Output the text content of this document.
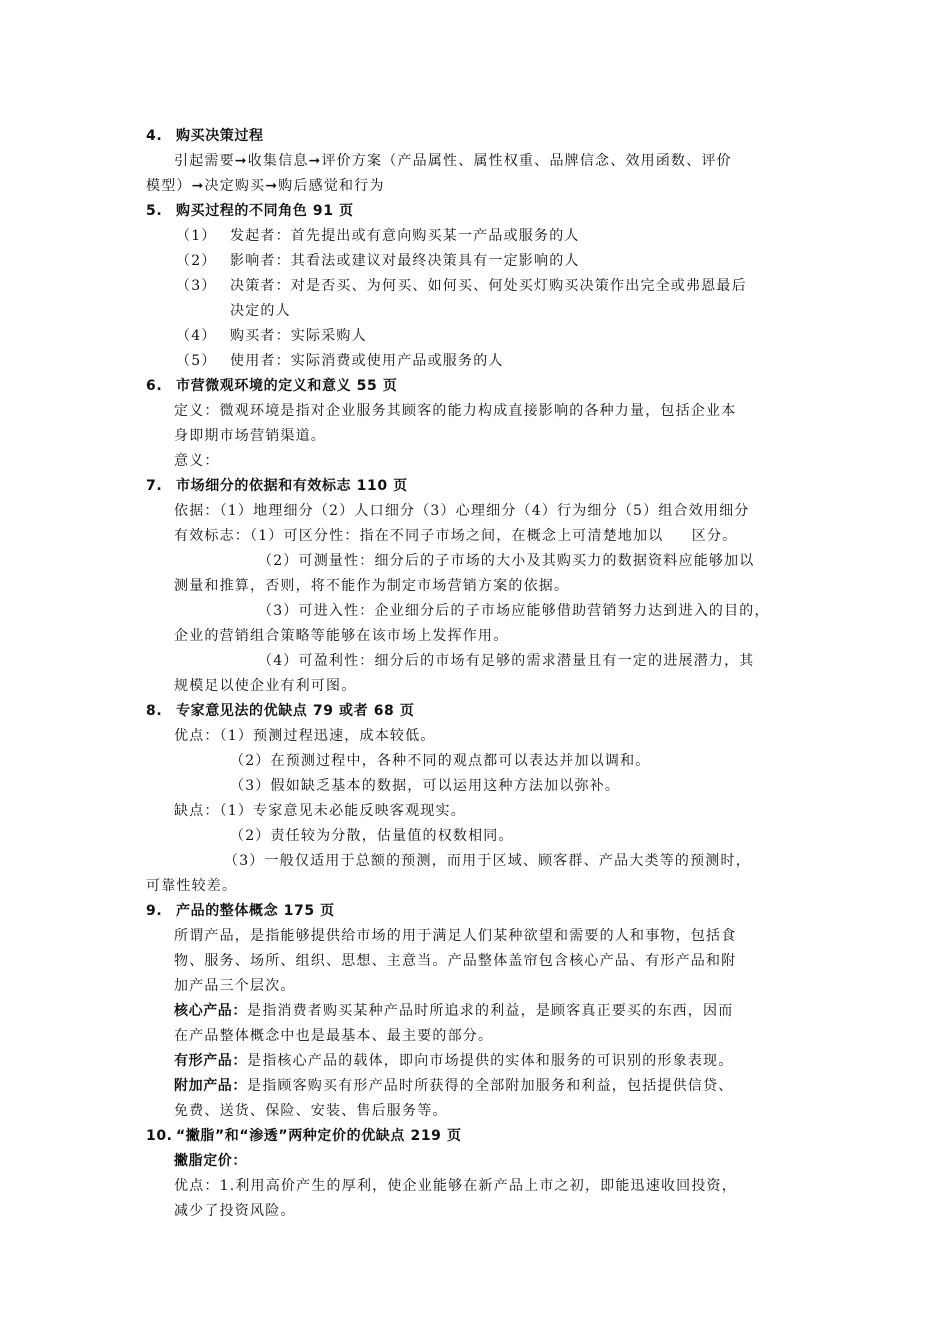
4. 购买决策过程
引起需要➞收集信息➞评价方案（产品属性、属性权重、品牌信念、效用函数、评价
模型）➞决定购买➞购后感觉和行为
5. 购买过程的不同角色 91 页
（1） 发起者：首先提出或有意向购买某一产品或服务的人
（2） 影响者：其看法或建议对最终决策具有一定影响的人
（3） 决策者：对是否买、为何买、如何买、何处买灯购买决策作出完全或弗恩最后
决定的人
（4） 购买者：实际采购人
（5） 使用者：实际消费或使用产品或服务的人
6. 市营微观环境的定义和意义 55 页
定义：微观环境是指对企业服务其顾客的能力构成直接影响的各种力量，包括企业本
身即期市场营销渠道。
意义：
7. 市场细分的依据和有效标志 110 页
依据：（1）地理细分（2）人口细分（3）心理细分（4）行为细分（5）组合效用细分
有效标志：（1）可区分性：指在不同子市场之间，在概念上可清楚地加以     区分。
（2）可测量性：细分后的子市场的大小及其购买力的数据资料应能够加以
测量和推算，否则，将不能作为制定市场营销方案的依据。
（3）可进入性：企业细分后的子市场应能够借助营销努力达到进入的目的，
企业的营销组合策略等能够在该市场上发挥作用。
（4）可盈利性：细分后的市场有足够的需求潜量且有一定的进展潜力，其
规模足以使企业有利可图。
8. 专家意见法的优缺点 79 或者 68 页
优点：（1）预测过程迅速，成本较低。
（2）在预测过程中，各种不同的观点都可以表达并加以调和。
（3）假如缺乏基本的数据，可以运用这种方法加以弥补。
缺点：（1）专家意见未必能反映客观现实。
（2）责任较为分散，估量值的权数相同。
（3）一般仅适用于总额的预测，而用于区域、顾客群、产品大类等的预测时，
可靠性较差。
9. 产品的整体概念 175 页
所谓产品，是指能够提供给市场的用于满足人们某种欲望和需要的人和事物，包括食
物、服务、场所、组织、思想、主意当。产品整体盖帘包含核心产品、有形产品和附
加产品三个层次。
核心产品：是指消费者购买某种产品时所追求的利益，是顾客真正要买的东西，因而
在产品整体概念中也是最基本、最主要的部分。
有形产品：是指核心产品的载体，即向市场提供的实体和服务的可识别的形象表现。
附加产品：是指顾客购买有形产品时所获得的全部附加服务和利益，包括提供信贷、
免费、送货、保险、安装、售后服务等。
10. “撇脂”和“渗透”两种定价的优缺点 219 页
撇脂定价：
优点：1.利用高价产生的厚利，使企业能够在新产品上市之初，即能迅速收回投资，
减少了投资风险。
